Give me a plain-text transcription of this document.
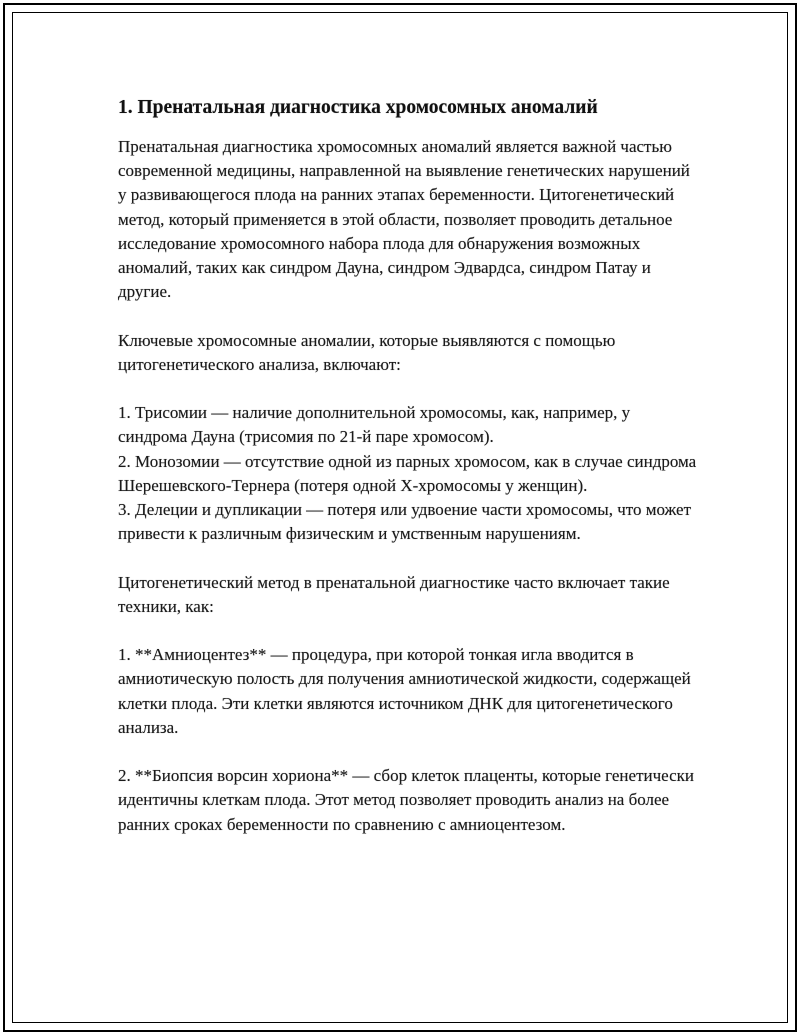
1. Пренатальная диагностика хромосомных аномалий

Пренатальная диагностика хромосомных аномалий является важной частью современной медицины, направленной на выявление генетических нарушений у развивающегося плода на ранних этапах беременности. Цитогенетический метод, который применяется в этой области, позволяет проводить детальное исследование хромосомного набора плода для обнаружения возможных аномалий, таких как синдром Дауна, синдром Эдвардса, синдром Патау и другие.

Ключевые хромосомные аномалии, которые выявляются с помощью цитогенетического анализа, включают:

1. Трисомии — наличие дополнительной хромосомы, как, например, у синдрома Дауна (трисомия по 21-й паре хромосом).
2. Монозомии — отсутствие одной из парных хромосом, как в случае синдрома Шерешевского-Тернера (потеря одной X-хромосомы у женщин).
3. Делеции и дупликации — потеря или удвоение части хромосомы, что может привести к различным физическим и умственным нарушениям.

Цитогенетический метод в пренатальной диагностике часто включает такие техники, как:

1. **Амниоцентез** — процедура, при которой тонкая игла вводится в амниотическую полость для получения амниотической жидкости, содержащей клетки плода. Эти клетки являются источником ДНК для цитогенетического анализа.

2. **Биопсия ворсин хориона** — сбор клеток плаценты, которые генетически идентичны клеткам плода. Этот метод позволяет проводить анализ на более ранних сроках беременности по сравнению с амниоцентезом.
